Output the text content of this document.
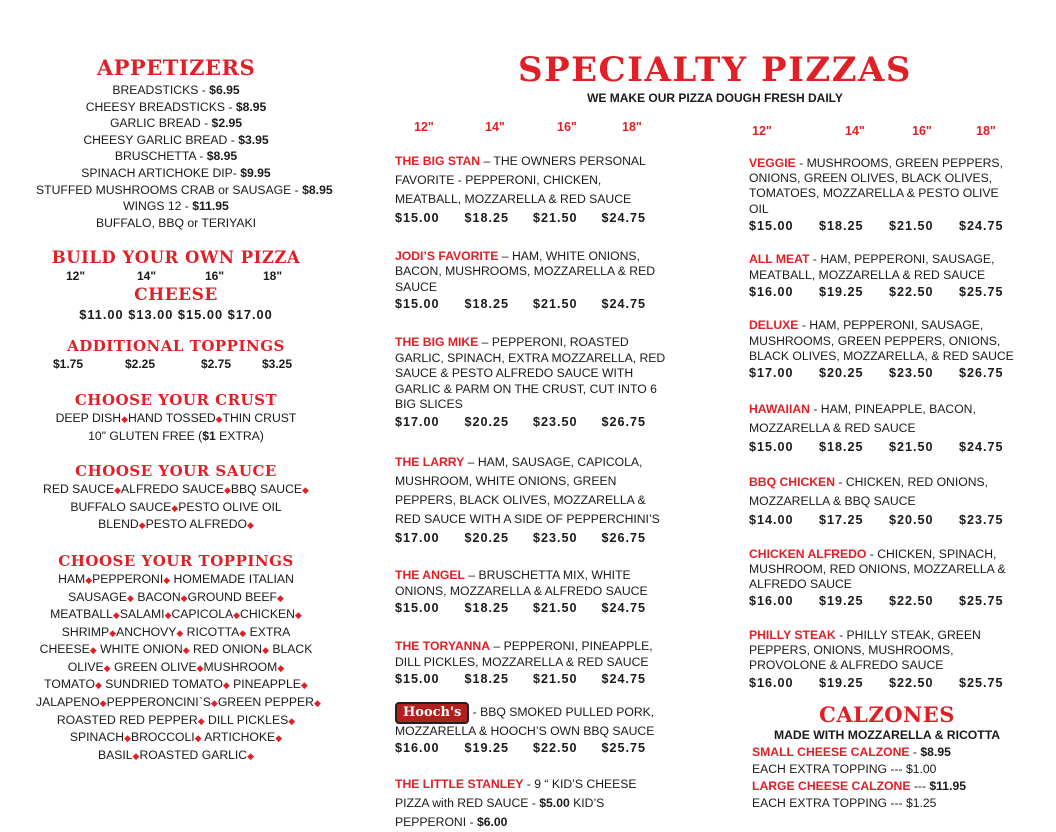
APPETIZERS
BREADSTICKS - $6.95
CHEESY BREADSTICKS - $8.95
GARLIC BREAD - $2.95
CHEESY GARLIC BREAD - $3.95
BRUSCHETTA - $8.95
SPINACH ARTICHOKE DIP- $9.95
STUFFED MUSHROOMS CRAB or SAUSAGE - $8.95
WINGS 12 - $11.95
BUFFALO, BBQ or TERIYAKI
BUILD YOUR OWN PIZZA
12"	14"	16"	18"
CHEESE
$11.00 $13.00 $15.00 $17.00
ADDITIONAL TOPPINGS
$1.75	$2.25	$2.75	$3.25
CHOOSE YOUR CRUST
DEEP DISH◆HAND TOSSED◆THIN CRUST
10" GLUTEN FREE ($1 EXTRA)
CHOOSE YOUR SAUCE
RED SAUCE◆ALFREDO SAUCE◆BBQ SAUCE◆
BUFFALO SAUCE◆PESTO OLIVE OIL
BLEND◆PESTO ALFREDO◆
CHOOSE YOUR TOPPINGS
HAM◆PEPPERONI◆ HOMEMADE ITALIAN
SAUSAGE◆ BACON◆GROUND BEEF◆
MEATBALL◆SALAMI◆CAPICOLA◆CHICKEN◆
SHRIMP◆ANCHOVY◆ RICOTTA◆ EXTRA
CHEESE◆ WHITE ONION◆ RED ONION◆ BLACK
OLIVE◆ GREEN OLIVE◆MUSHROOM◆
TOMATO◆ SUNDRIED TOMATO◆ PINEAPPLE◆
JALAPENO◆PEPPERONCINI`S◆GREEN PEPPER◆
ROASTED RED PEPPER◆ DILL PICKLES◆
SPINACH◆BROCCOLI◆ ARTICHOKE◆
BASIL◆ROASTED GARLIC◆
SPECIALTY PIZZAS
WE MAKE OUR PIZZA DOUGH FRESH DAILY
12"	14"	16"	18"	12"	14"	16"	18"
THE BIG STAN – THE OWNERS PERSONAL FAVORITE - PEPPERONI, CHICKEN, MEATBALL, MOZZARELLA & RED SAUCE
$15.00	$18.25	$21.50	$24.75
JODI’S FAVORITE – HAM, WHITE ONIONS, BACON, MUSHROOMS, MOZZARELLA & RED SAUCE
$15.00	$18.25	$21.50	$24.75
THE BIG MIKE – PEPPERONI, ROASTED GARLIC, SPINACH, EXTRA MOZZARELLA, RED SAUCE & PESTO ALFREDO SAUCE WITH GARLIC & PARM ON THE CRUST, CUT INTO 6 BIG SLICES
$17.00	$20.25	$23.50	$26.75
THE LARRY – HAM, SAUSAGE, CAPICOLA, MUSHROOM, WHITE ONIONS, GREEN PEPPERS, BLACK OLIVES, MOZZARELLA & RED SAUCE WITH A SIDE OF PEPPERCHINI’S
$17.00	$20.25	$23.50	$26.75
THE ANGEL – BRUSCHETTA MIX, WHITE ONIONS, MOZZARELLA & ALFREDO SAUCE
$15.00	$18.25	$21.50	$24.75
THE TORYANNA – PEPPERONI, PINEAPPLE, DILL PICKLES, MOZZARELLA & RED SAUCE
$15.00	$18.25	$21.50	$24.75
Hooch's - BBQ SMOKED PULLED PORK, MOZZARELLA & HOOCH’S OWN BBQ SAUCE
$16.00	$19.25	$22.50	$25.75
THE LITTLE STANLEY - 9 “ KID’S CHEESE PIZZA with RED SAUCE - $5.00 KID’S PEPPERONI - $6.00
VEGGIE - MUSHROOMS, GREEN PEPPERS, ONIONS, GREEN OLIVES, BLACK OLIVES, TOMATOES, MOZZARELLA & PESTO OLIVE OIL
$15.00	$18.25	$21.50	$24.75
ALL MEAT - HAM, PEPPERONI, SAUSAGE, MEATBALL, MOZZARELLA & RED SAUCE
$16.00	$19.25	$22.50	$25.75
DELUXE - HAM, PEPPERONI, SAUSAGE, MUSHROOMS, GREEN PEPPERS, ONIONS, BLACK OLIVES, MOZZARELLA, & RED SAUCE
$17.00	$20.25	$23.50	$26.75
HAWAIIAN - HAM, PINEAPPLE, BACON, MOZZARELLA & RED SAUCE
$15.00	$18.25	$21.50	$24.75
BBQ CHICKEN - CHICKEN, RED ONIONS, MOZZARELLA & BBQ SAUCE
$14.00	$17.25	$20.50	$23.75
CHICKEN ALFREDO - CHICKEN, SPINACH, MUSHROOM, RED ONIONS, MOZZARELLA & ALFREDO SAUCE
$16.00	$19.25	$22.50	$25.75
PHILLY STEAK - PHILLY STEAK, GREEN PEPPERS, ONIONS, MUSHROOMS, PROVOLONE & ALFREDO SAUCE
$16.00	$19.25	$22.50	$25.75
CALZONES
MADE WITH MOZZARELLA & RICOTTA
SMALL CHEESE CALZONE - $8.95
EACH EXTRA TOPPING --- $1.00
LARGE CHEESE CALZONE --- $11.95
EACH EXTRA TOPPING --- $1.25
